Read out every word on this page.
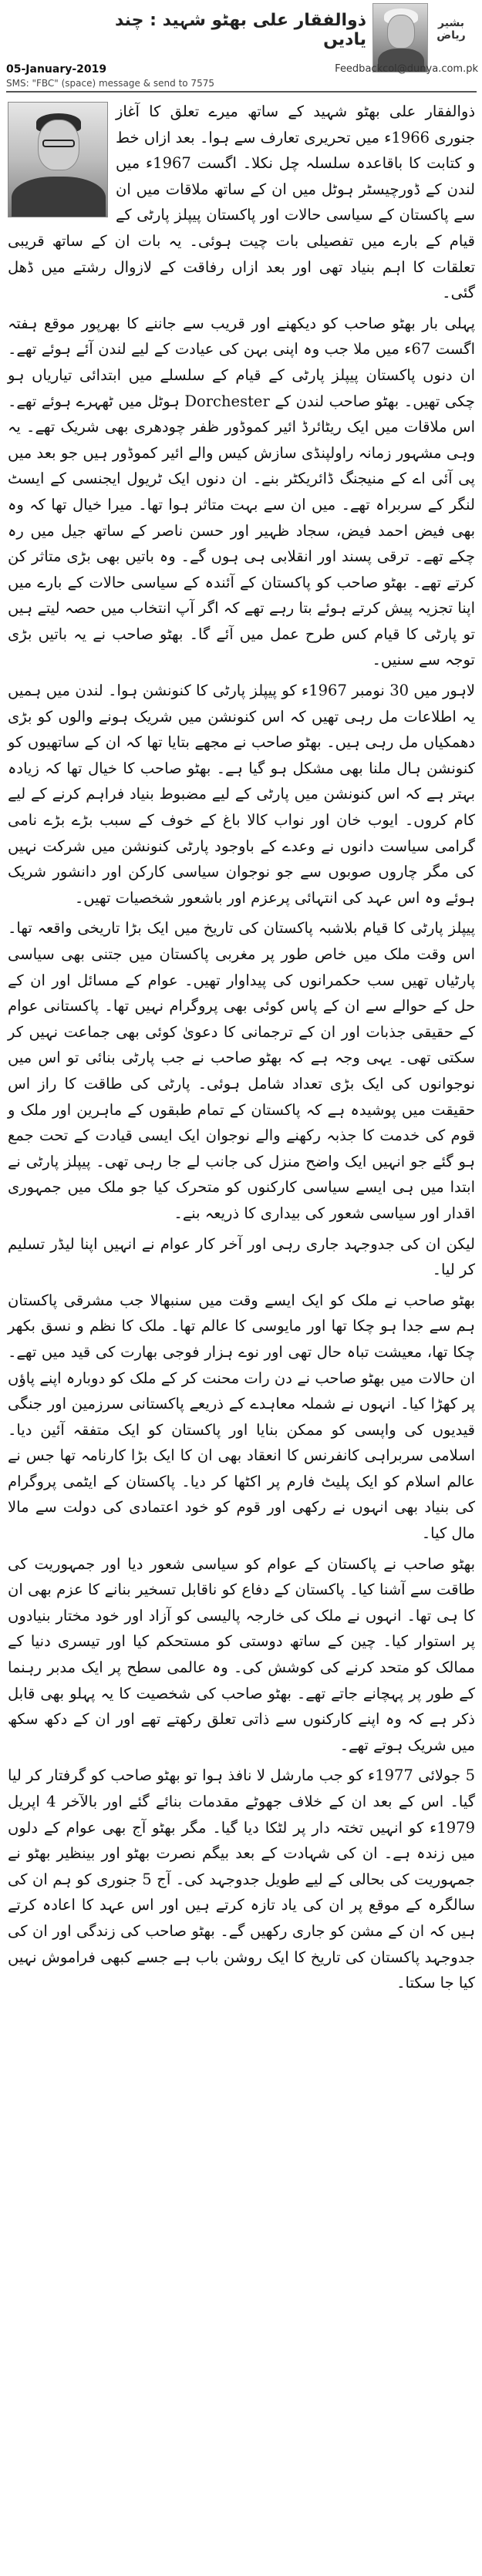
ذوالفقار علی بھٹو شہید : چند یادیں
بشیر ریاض
05-January-2019	Feedbackcol@dunya.com.pk
SMS: "FBC" (space) message & send to 7575

ذوالفقار علی بھٹو شہید کے ساتھ میرے تعلق کا آغاز جنوری 1966ء میں تحریری تعارف سے ہوا۔ بعد ازاں خط و کتابت کا باقاعدہ سلسلہ چل نکلا۔ اگست 1967ء میں لندن کے ڈورچیسٹر ہوٹل میں ان کے ساتھ ملاقات میں ان سے پاکستان کے سیاسی حالات اور پاکستان پیپلز پارٹی کے قیام کے بارے میں تفصیلی بات چیت ہوئی۔ یہ بات ان کے ساتھ قریبی تعلقات کا اہم بنیاد تھی اور بعد ازاں رفاقت کے لازوال رشتے میں ڈھل گئی۔

پہلی بار بھٹو صاحب کو دیکھنے اور قریب سے جاننے کا بھرپور موقع ہفتہ اگست 67ء میں ملا جب وہ اپنی بہن کی عیادت کے لیے لندن آئے ہوئے تھے۔ ان دنوں پاکستان پیپلز پارٹی کے قیام کے سلسلے میں ابتدائی تیاریاں ہو چکی تھیں۔ بھٹو صاحب لندن کے Dorchester ہوٹل میں ٹھہرے ہوئے تھے۔ اس ملاقات میں ایک ریٹائرڈ ائیر کموڈور ظفر چودھری بھی شریک تھے۔ یہ وہی مشہور زمانہ راولپنڈی سازش کیس والے ائیر کموڈور ہیں جو بعد میں پی آئی اے کے منیجنگ ڈائریکٹر بنے۔ ان دنوں ایک ٹریول ایجنسی کے ایسٹ لنگر کے سربراہ تھے۔ میں ان سے بہت متاثر ہوا تھا۔ میرا خیال تھا کہ وہ بھی فیض احمد فیض، سجاد ظہیر اور حسن ناصر کے ساتھ جیل میں رہ چکے تھے۔ ترقی پسند اور انقلابی ہی ہوں گے۔ وہ باتیں بھی بڑی متاثر کن کرتے تھے۔ بھٹو صاحب کو پاکستان کے آئندہ کے سیاسی حالات کے بارے میں اپنا تجزیہ پیش کرتے ہوئے بتا رہے تھے کہ اگر آپ انتخاب میں حصہ لیتے ہیں تو پارٹی کا قیام کس طرح عمل میں آئے گا۔ بھٹو صاحب نے یہ باتیں بڑی توجہ سے سنیں۔

لاہور میں 30 نومبر 1967ء کو پیپلز پارٹی کا کنونشن ہوا۔ لندن میں ہمیں یہ اطلاعات مل رہی تھیں کہ اس کنونشن میں شریک ہونے والوں کو بڑی دھمکیاں مل رہی ہیں۔ بھٹو صاحب نے مجھے بتایا تھا کہ ان کے ساتھیوں کو کنونشن ہال ملنا بھی مشکل ہو گیا ہے۔ بھٹو صاحب کا خیال تھا کہ زیادہ بہتر ہے کہ اس کنونشن میں پارٹی کے لیے مضبوط بنیاد فراہم کرنے کے لیے کام کروں۔ ایوب خان اور نواب کالا باغ کے خوف کے سبب بڑے بڑے نامی گرامی سیاست دانوں نے وعدے کے باوجود پارٹی کنونشن میں شرکت نہیں کی مگر چاروں صوبوں سے جو نوجوان سیاسی کارکن اور دانشور شریک ہوئے وہ اس عہد کی انتہائی پرعزم اور باشعور شخصیات تھیں۔

پیپلز پارٹی کا قیام بلاشبہ پاکستان کی تاریخ میں ایک بڑا تاریخی واقعہ تھا۔ اس وقت ملک میں خاص طور پر مغربی پاکستان میں جتنی بھی سیاسی پارٹیاں تھیں سب حکمرانوں کی پیداوار تھیں۔ عوام کے مسائل اور ان کے حل کے حوالے سے ان کے پاس کوئی بھی پروگرام نہیں تھا۔ پاکستانی عوام کے حقیقی جذبات اور ان کے ترجمانی کا دعویٰ کوئی بھی جماعت نہیں کر سکتی تھی۔ یہی وجہ ہے کہ بھٹو صاحب نے جب پارٹی بنائی تو اس میں نوجوانوں کی ایک بڑی تعداد شامل ہوئی۔ پارٹی کی طاقت کا راز اس حقیقت میں پوشیدہ ہے کہ پاکستان کے تمام طبقوں کے ماہرین اور ملک و قوم کی خدمت کا جذبہ رکھنے والے نوجوان ایک ایسی قیادت کے تحت جمع ہو گئے جو انہیں ایک واضح منزل کی جانب لے جا رہی تھی۔ پیپلز پارٹی نے ابتدا میں ہی ایسے سیاسی کارکنوں کو متحرک کیا جو ملک میں جمہوری اقدار اور سیاسی شعور کی بیداری کا ذریعہ بنے۔

لیکن ان کی جدوجہد جاری رہی اور آخر کار عوام نے انہیں اپنا لیڈر تسلیم کر لیا۔

بھٹو صاحب نے ملک کو ایک ایسے وقت میں سنبھالا جب مشرقی پاکستان ہم سے جدا ہو چکا تھا اور مایوسی کا عالم تھا۔ ملک کا نظم و نسق بکھر چکا تھا، معیشت تباہ حال تھی اور نوے ہزار فوجی بھارت کی قید میں تھے۔ ان حالات میں بھٹو صاحب نے دن رات محنت کر کے ملک کو دوبارہ اپنے پاؤں پر کھڑا کیا۔ انہوں نے شملہ معاہدے کے ذریعے پاکستانی سرزمین اور جنگی قیدیوں کی واپسی کو ممکن بنایا اور پاکستان کو ایک متفقہ آئین دیا۔ اسلامی سربراہی کانفرنس کا انعقاد بھی ان کا ایک بڑا کارنامہ تھا جس نے عالم اسلام کو ایک پلیٹ فارم پر اکٹھا کر دیا۔ پاکستان کے ایٹمی پروگرام کی بنیاد بھی انہوں نے رکھی اور قوم کو خود اعتمادی کی دولت سے مالا مال کیا۔

بھٹو صاحب نے پاکستان کے عوام کو سیاسی شعور دیا اور جمہوریت کی طاقت سے آشنا کیا۔ پاکستان کے دفاع کو ناقابل تسخیر بنانے کا عزم بھی ان کا ہی تھا۔ انہوں نے ملک کی خارجہ پالیسی کو آزاد اور خود مختار بنیادوں پر استوار کیا۔ چین کے ساتھ دوستی کو مستحکم کیا اور تیسری دنیا کے ممالک کو متحد کرنے کی کوشش کی۔ وہ عالمی سطح پر ایک مدبر رہنما کے طور پر پہچانے جاتے تھے۔ بھٹو صاحب کی شخصیت کا یہ پہلو بھی قابل ذکر ہے کہ وہ اپنے کارکنوں سے ذاتی تعلق رکھتے تھے اور ان کے دکھ سکھ میں شریک ہوتے تھے۔

5 جولائی 1977ء کو جب مارشل لا نافذ ہوا تو بھٹو صاحب کو گرفتار کر لیا گیا۔ اس کے بعد ان کے خلاف جھوٹے مقدمات بنائے گئے اور بالآخر 4 اپریل 1979ء کو انہیں تختہ دار پر لٹکا دیا گیا۔ مگر بھٹو آج بھی عوام کے دلوں میں زندہ ہے۔ ان کی شہادت کے بعد بیگم نصرت بھٹو اور بینظیر بھٹو نے جمہوریت کی بحالی کے لیے طویل جدوجہد کی۔ آج 5 جنوری کو ہم ان کی سالگرہ کے موقع پر ان کی یاد تازہ کرتے ہیں اور اس عہد کا اعادہ کرتے ہیں کہ ان کے مشن کو جاری رکھیں گے۔ بھٹو صاحب کی زندگی اور ان کی جدوجہد پاکستان کی تاریخ کا ایک روشن باب ہے جسے کبھی فراموش نہیں کیا جا سکتا۔
